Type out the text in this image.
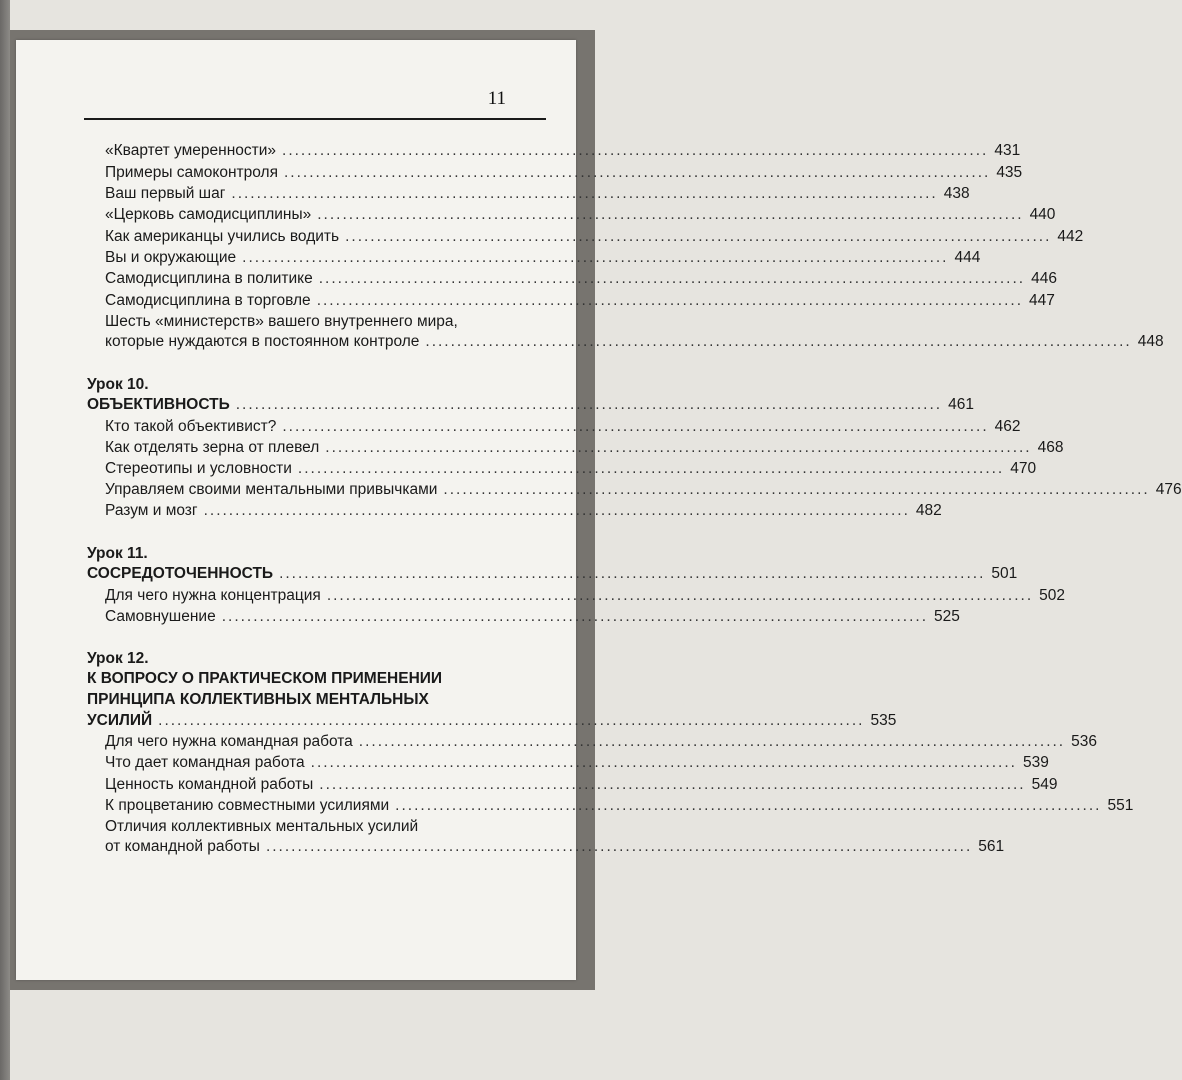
11
«Квартет умеренности» ................................................................................................................ 431
Примеры самоконтроля ................................................................................................................ 435
Ваш первый шаг ................................................................................................................ 438
«Церковь самодисциплины» ................................................................................................................ 440
Как американцы учились водить ................................................................................................................ 442
Вы и окружающие ................................................................................................................ 444
Самодисциплина в политике ................................................................................................................ 446
Самодисциплина в торговле ................................................................................................................ 447
Шесть «министерств» вашего внутреннего мира,
которые нуждаются в постоянном контроле ................................................................................................................ 448
Урок 10.
ОБЪЕКТИВНОСТЬ ................................................................................................................ 461
Кто такой объективист? ................................................................................................................ 462
Как отделять зерна от плевел ................................................................................................................ 468
Стереотипы и условности ................................................................................................................ 470
Управляем своими ментальными привычками ................................................................................................................ 476
Разум и мозг ................................................................................................................ 482
Урок 11.
СОСРЕДОТОЧЕННОСТЬ ................................................................................................................ 501
Для чего нужна концентрация ................................................................................................................ 502
Самовнушение ................................................................................................................ 525
Урок 12.
К ВОПРОСУ О ПРАКТИЧЕСКОМ ПРИМЕНЕНИИ
ПРИНЦИПА КОЛЛЕКТИВНЫХ МЕНТАЛЬНЫХ
УСИЛИЙ ................................................................................................................ 535
Для чего нужна командная работа ................................................................................................................ 536
Что дает командная работа ................................................................................................................ 539
Ценность командной работы ................................................................................................................ 549
К процветанию совместными усилиями ................................................................................................................ 551
Отличия коллективных ментальных усилий
от командной работы ................................................................................................................ 561
